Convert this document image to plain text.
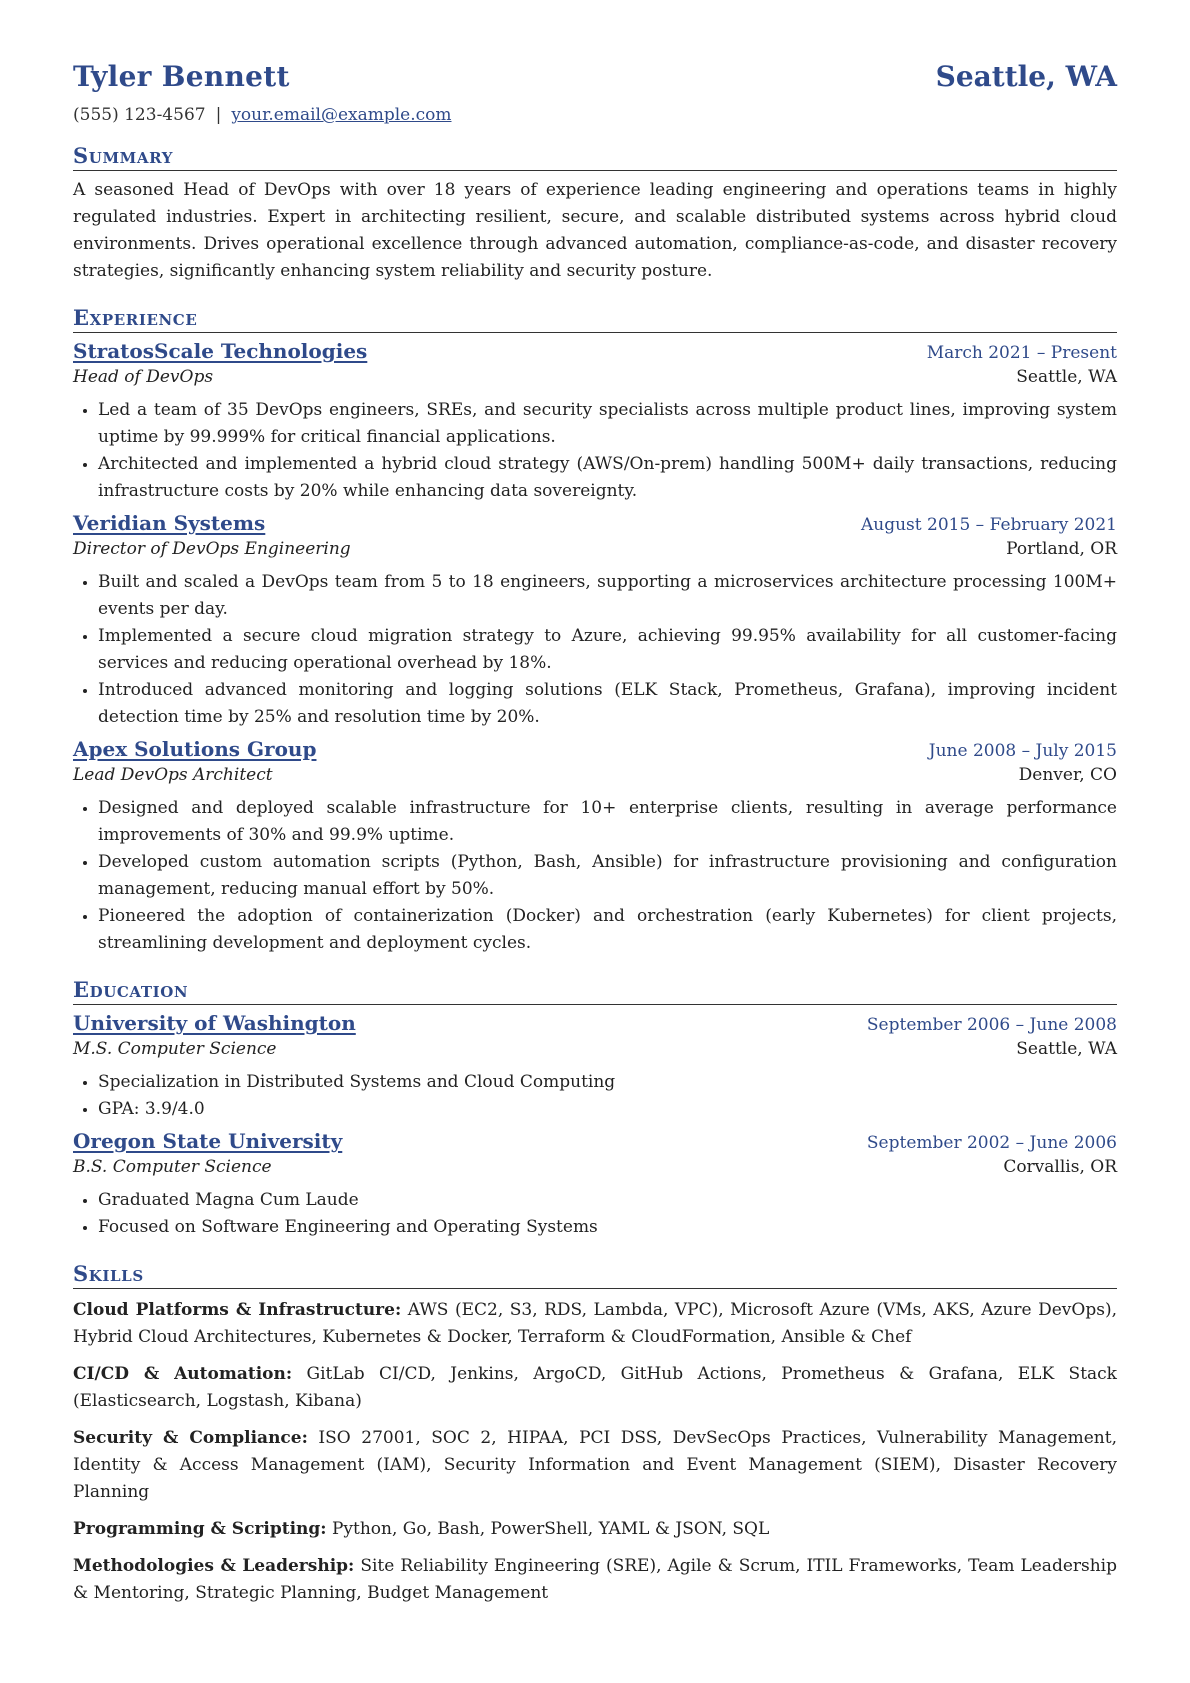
Tyler Bennett	Seattle, WA
(555) 123-4567 | your.email@example.com
Summary
A seasoned Head of DevOps with over 18 years of experience leading engineering and operations teams in highly regulated industries. Expert in architecting resilient, secure, and scalable distributed systems across hybrid cloud environments. Drives operational excellence through advanced automation, compliance-as-code, and disaster recovery strategies, significantly enhancing system reliability and security posture.
Experience
StratosScale Technologies	March 2021 – Present
Head of DevOps	Seattle, WA
• Led a team of 35 DevOps engineers, SREs, and security specialists across multiple product lines, improving system uptime by 99.999% for critical financial applications.
• Architected and implemented a hybrid cloud strategy (AWS/On-prem) handling 500M+ daily transactions, reducing infrastructure costs by 20% while enhancing data sovereignty.
Veridian Systems	August 2015 – February 2021
Director of DevOps Engineering	Portland, OR
• Built and scaled a DevOps team from 5 to 18 engineers, supporting a microservices architecture processing 100M+ events per day.
• Implemented a secure cloud migration strategy to Azure, achieving 99.95% availability for all customer-facing services and reducing operational overhead by 18%.
• Introduced advanced monitoring and logging solutions (ELK Stack, Prometheus, Grafana), improving incident detection time by 25% and resolution time by 20%.
Apex Solutions Group	June 2008 – July 2015
Lead DevOps Architect	Denver, CO
• Designed and deployed scalable infrastructure for 10+ enterprise clients, resulting in average performance improvements of 30% and 99.9% uptime.
• Developed custom automation scripts (Python, Bash, Ansible) for infrastructure provisioning and configuration management, reducing manual effort by 50%.
• Pioneered the adoption of containerization (Docker) and orchestration (early Kubernetes) for client projects, streamlining development and deployment cycles.
Education
University of Washington	September 2006 – June 2008
M.S. Computer Science	Seattle, WA
• Specialization in Distributed Systems and Cloud Computing
• GPA: 3.9/4.0
Oregon State University	September 2002 – June 2006
B.S. Computer Science	Corvallis, OR
• Graduated Magna Cum Laude
• Focused on Software Engineering and Operating Systems
Skills
Cloud Platforms & Infrastructure: AWS (EC2, S3, RDS, Lambda, VPC), Microsoft Azure (VMs, AKS, Azure DevOps), Hybrid Cloud Architectures, Kubernetes & Docker, Terraform & CloudFormation, Ansible & Chef
CI/CD & Automation: GitLab CI/CD, Jenkins, ArgoCD, GitHub Actions, Prometheus & Grafana, ELK Stack (Elasticsearch, Logstash, Kibana)
Security & Compliance: ISO 27001, SOC 2, HIPAA, PCI DSS, DevSecOps Practices, Vulnerability Management, Identity & Access Management (IAM), Security Information and Event Management (SIEM), Disaster Recovery Planning
Programming & Scripting: Python, Go, Bash, PowerShell, YAML & JSON, SQL
Methodologies & Leadership: Site Reliability Engineering (SRE), Agile & Scrum, ITIL Frameworks, Team Leadership & Mentoring, Strategic Planning, Budget Management
